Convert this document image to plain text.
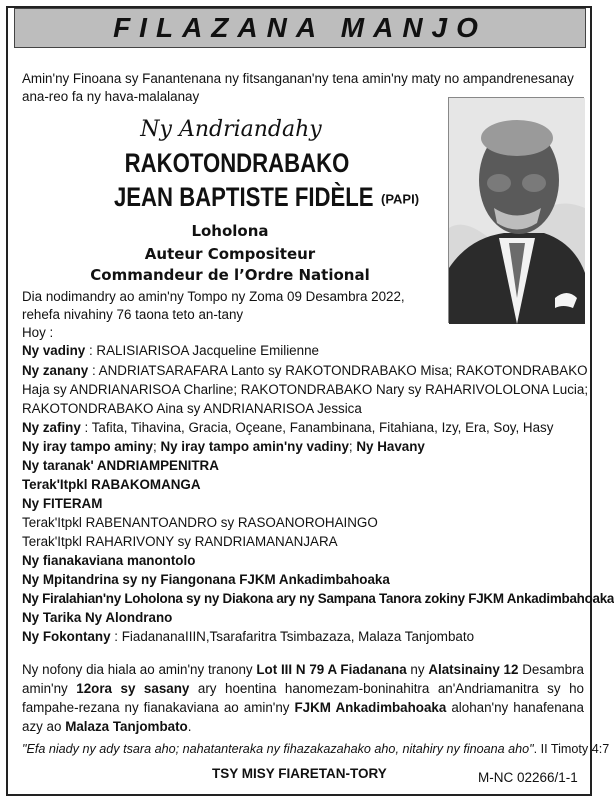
FILAZANA MANJO
Amin'ny Finoana sy Fanantenana ny fitsanganan'ny tena amin'ny maty no ampandrenesanay ana-reo fa ny hava-malalanay
Ny Andriandahy
RAKOTONDRABAKO
JEAN BAPTISTE FIDÈLE (PAPI)
Loholona
Auteur Compositeur
Commandeur de l’Ordre National
Dia nodimandry ao amin'ny Tompo ny Zoma 09 Desambra 2022, rehefa nivahiny 76 taona teto an-tany
Hoy :
Ny vadiny : RALISIARISOA Jacqueline Emilienne
Ny zanany : ANDRIATSARAFARA Lanto sy RAKOTONDRABAKO Misa; RAKOTONDRABAKO
Haja sy ANDRIANARISOA Charline; RAKOTONDRABAKO Nary sy RAHARIVOLOLONA Lucia;
RAKOTONDRABAKO Aina sy ANDRIANARISOA Jessica
Ny zafiny : Tafita, Tihavina, Gracia, Oçeane, Fanambinana, Fitahiana, Izy, Era, Soy, Hasy
Ny iray tampo aminy; Ny iray tampo amin'ny vadiny; Ny Havany
Ny taranak' ANDRIAMPENITRA
Terak'Itpkl RABAKOMANGA
Ny FITERAM
Terak'Itpkl RABENANTOANDRO sy RASOANOROHAINGO
Terak'Itpkl RAHARIVONY sy RANDRIAMANANJARA
Ny fianakaviana manontolo
Ny Mpitandrina sy ny Fiangonana FJKM Ankadimbahoaka
Ny Firalahian'ny Loholona sy ny Diakona ary ny Sampana Tanora zokiny FJKM Ankadimbahoaka
Ny Tarika Ny Alondrano
Ny Fokontany : FiadananaIIIN,Tsarafaritra Tsimbazaza, Malaza Tanjombato
Ny nofony dia hiala ao amin'ny tranony Lot III N 79 A Fiadanana ny Alatsinainy 12 Desambra amin'ny 12ora sy sasany ary hoentina hanomezam-boninahitra an'Andriamanitra sy ho fampahe-rezana ny fianakaviana ao amin'ny FJKM Ankadimbahoaka alohan'ny hanafenana azy ao Malaza Tanjombato.
"Efa niady ny ady tsara aho; nahatanteraka ny fihazakazahako aho, nitahiry ny finoana aho". II Timoty 4:7
TSY MISY FIARETAN-TORY	M-NC 02266/1-1
